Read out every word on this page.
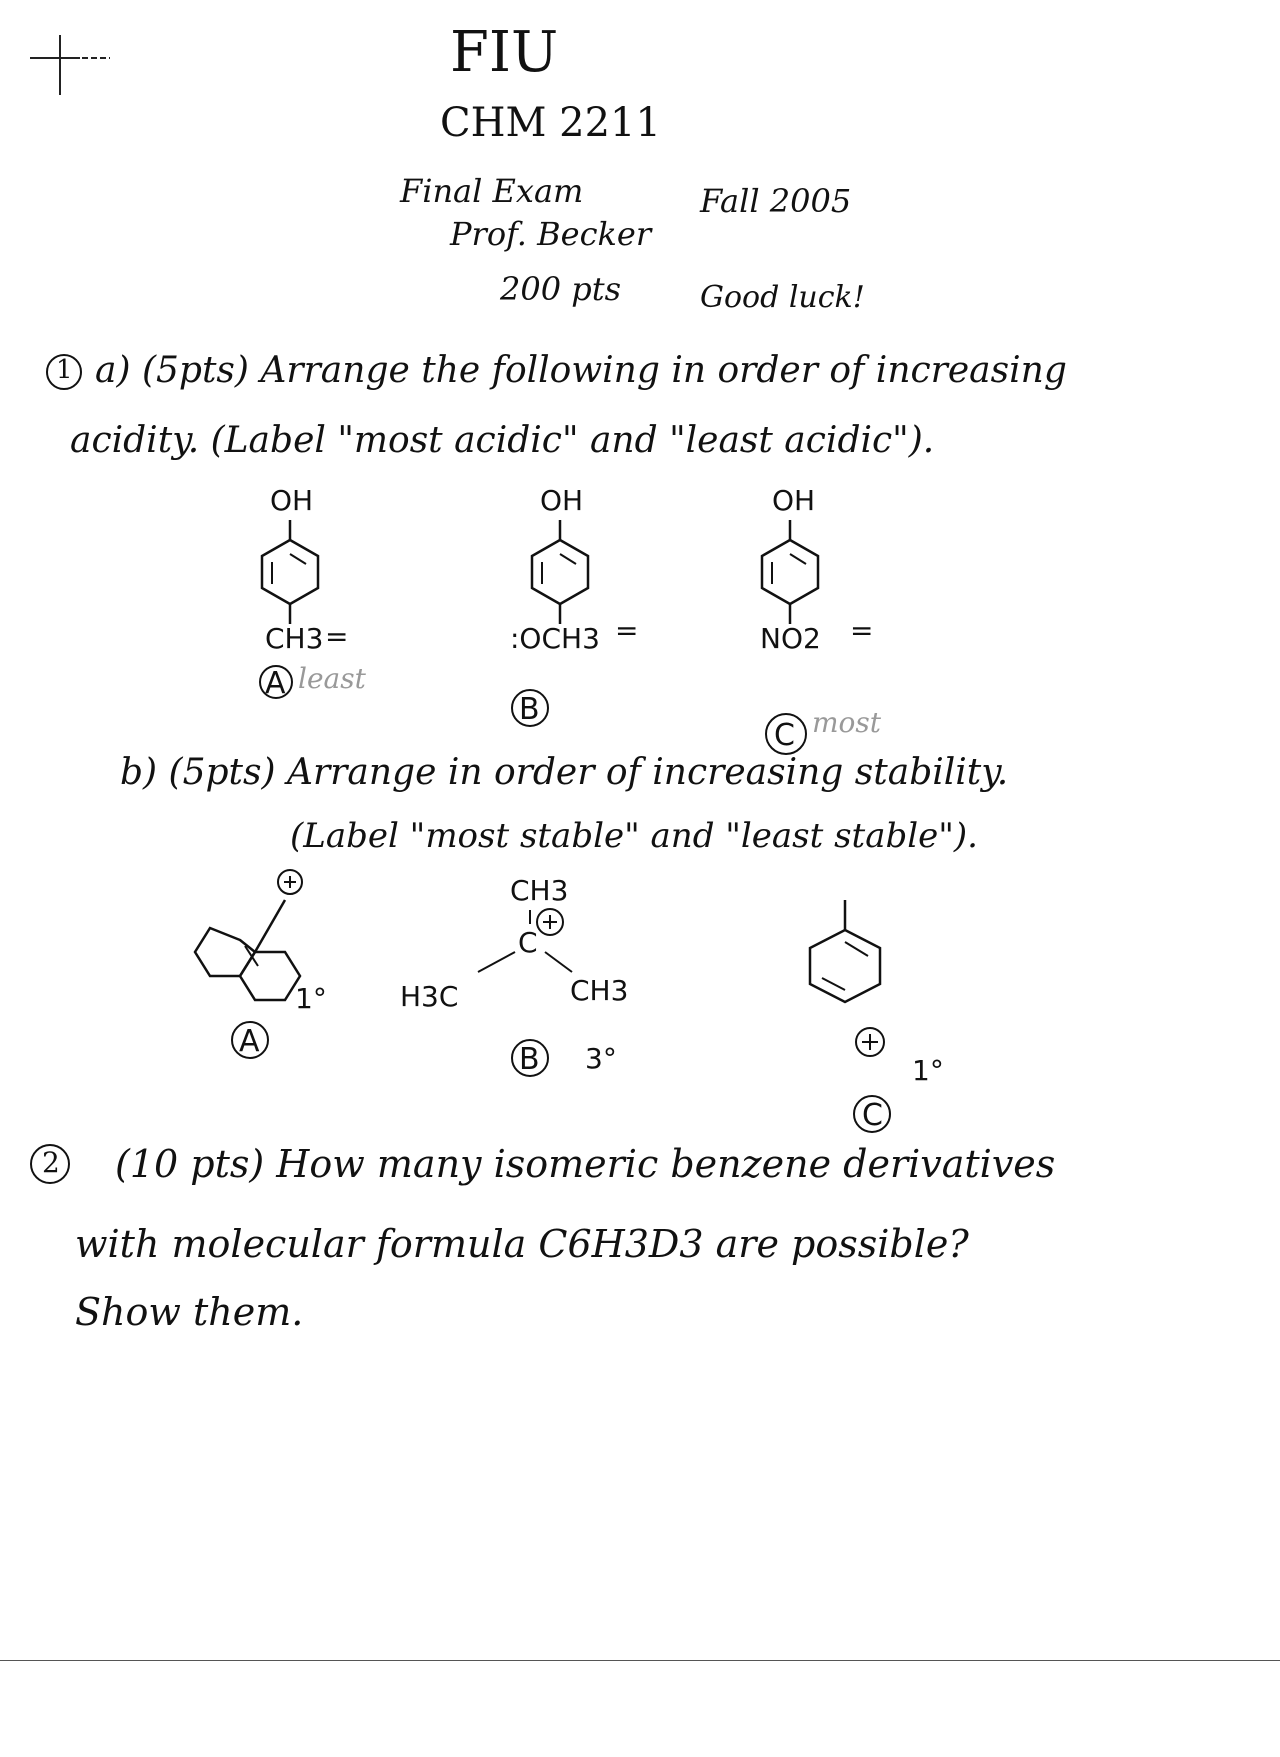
FIU
CHM 2211
Final Exam	Fall 2005
Prof. Becker
200 pts	Good luck!
1 a) (5pts) Arrange the following in order of increasing
acidity. (Label "most acidic" and "least acidic").
OH
CH3 =
A least
OH
:OCH3 =
B
OH
NO2 =
C most
b) (5pts) Arrange in order of increasing stability.
(Label "most stable" and "least stable").
A
1°
CH3
C
H3C	CH3
B 3°
C
1°
2 (10 pts) How many isomeric benzene derivatives
with molecular formula C6H3D3 are possible?
Show them.
